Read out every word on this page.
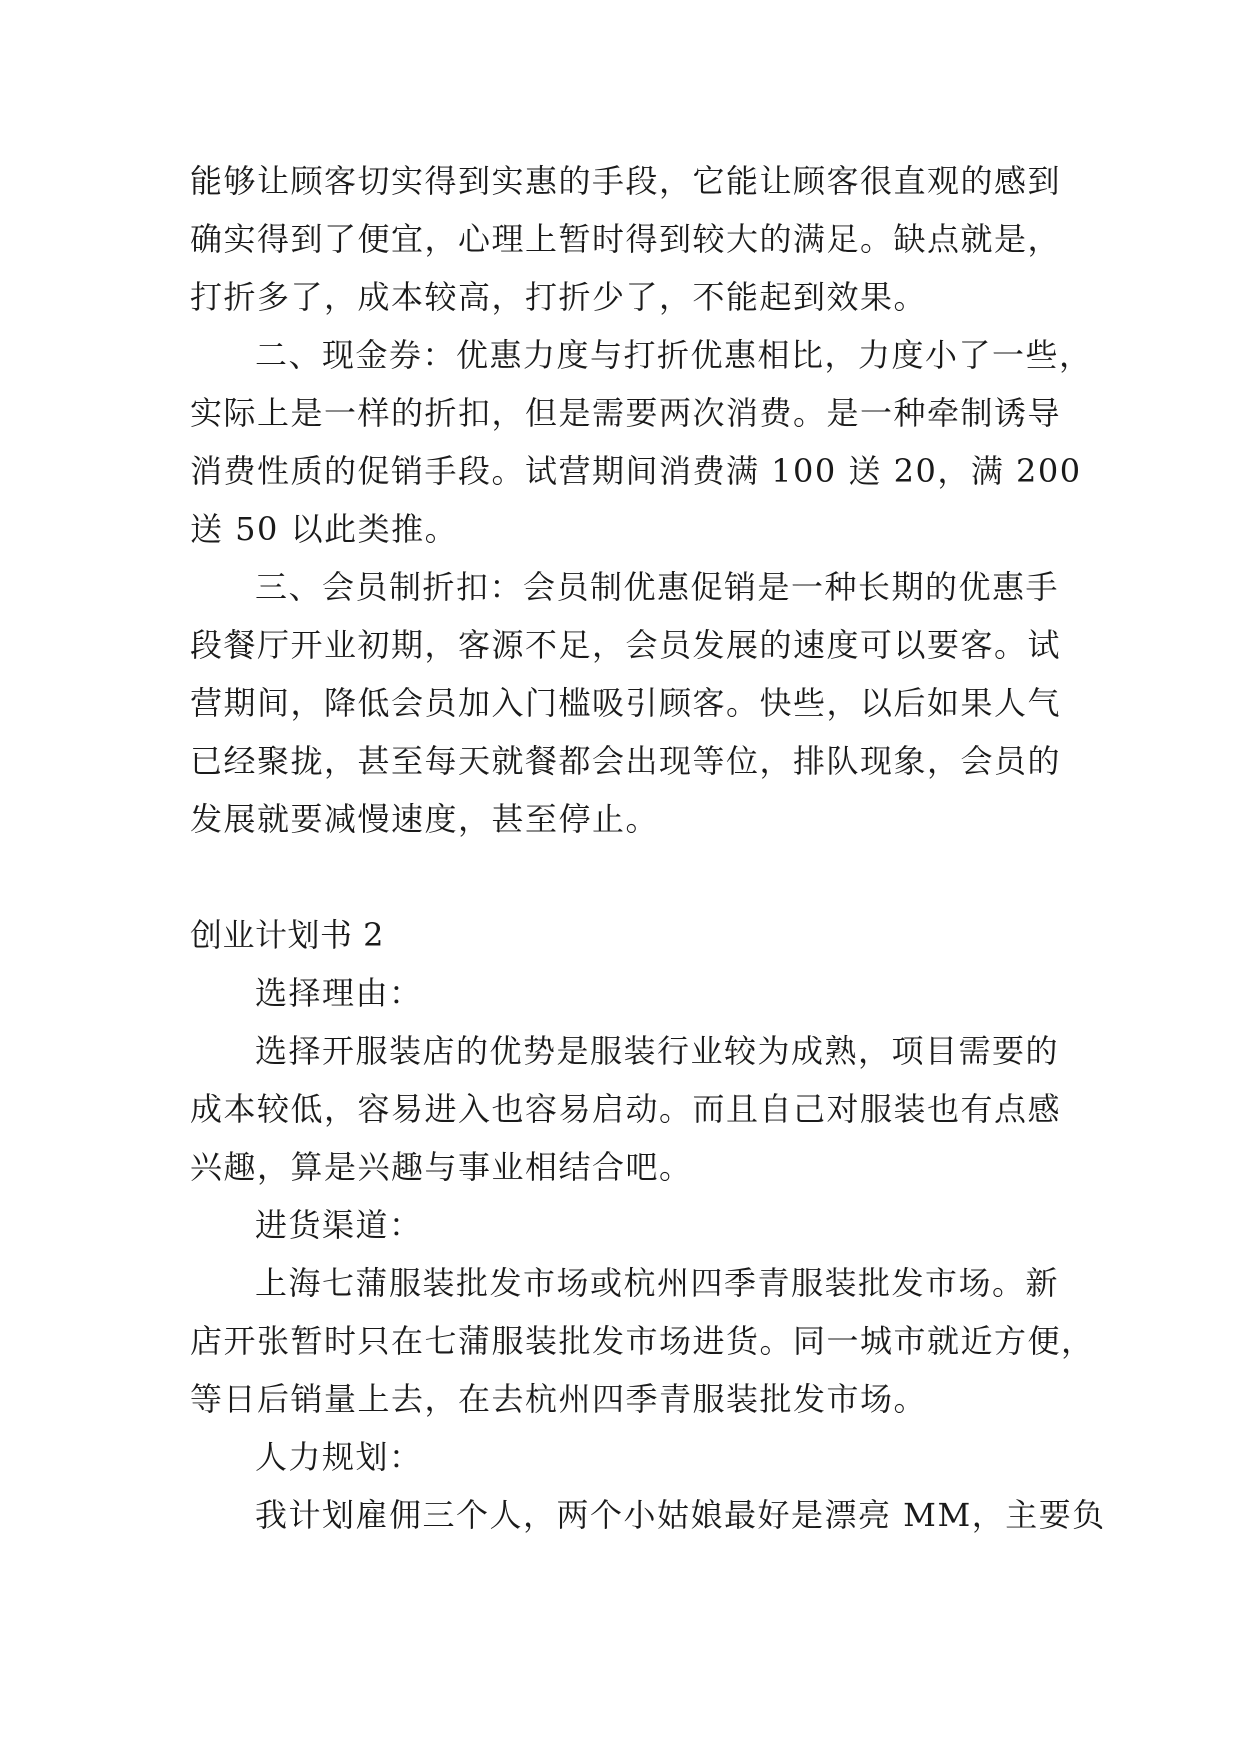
能够让顾客切实得到实惠的手段，它能让顾客很直观的感到

确实得到了便宜，心理上暂时得到较大的满足。缺点就是，

打折多了，成本较高，打折少了，不能起到效果。

二、现金券：优惠力度与打折优惠相比，力度小了一些，

实际上是一样的折扣，但是需要两次消费。是一种牵制诱导

消费性质的促销手段。试营期间消费满 100 送 20，满 200

送 50 以此类推。

三、会员制折扣：会员制优惠促销是一种长期的优惠手

段餐厅开业初期，客源不足，会员发展的速度可以要客。试

营期间，降低会员加入门槛吸引顾客。快些，以后如果人气

已经聚拢，甚至每天就餐都会出现等位，排队现象，会员的

发展就要减慢速度，甚至停止。

创业计划书 2

选择理由：

选择开服装店的优势是服装行业较为成熟，项目需要的

成本较低，容易进入也容易启动。而且自己对服装也有点感

兴趣，算是兴趣与事业相结合吧。

进货渠道：

上海七蒲服装批发市场或杭州四季青服装批发市场。新

店开张暂时只在七蒲服装批发市场进货。同一城市就近方便，

等日后销量上去，在去杭州四季青服装批发市场。

人力规划：

我计划雇佣三个人，两个小姑娘最好是漂亮 MM，主要负
